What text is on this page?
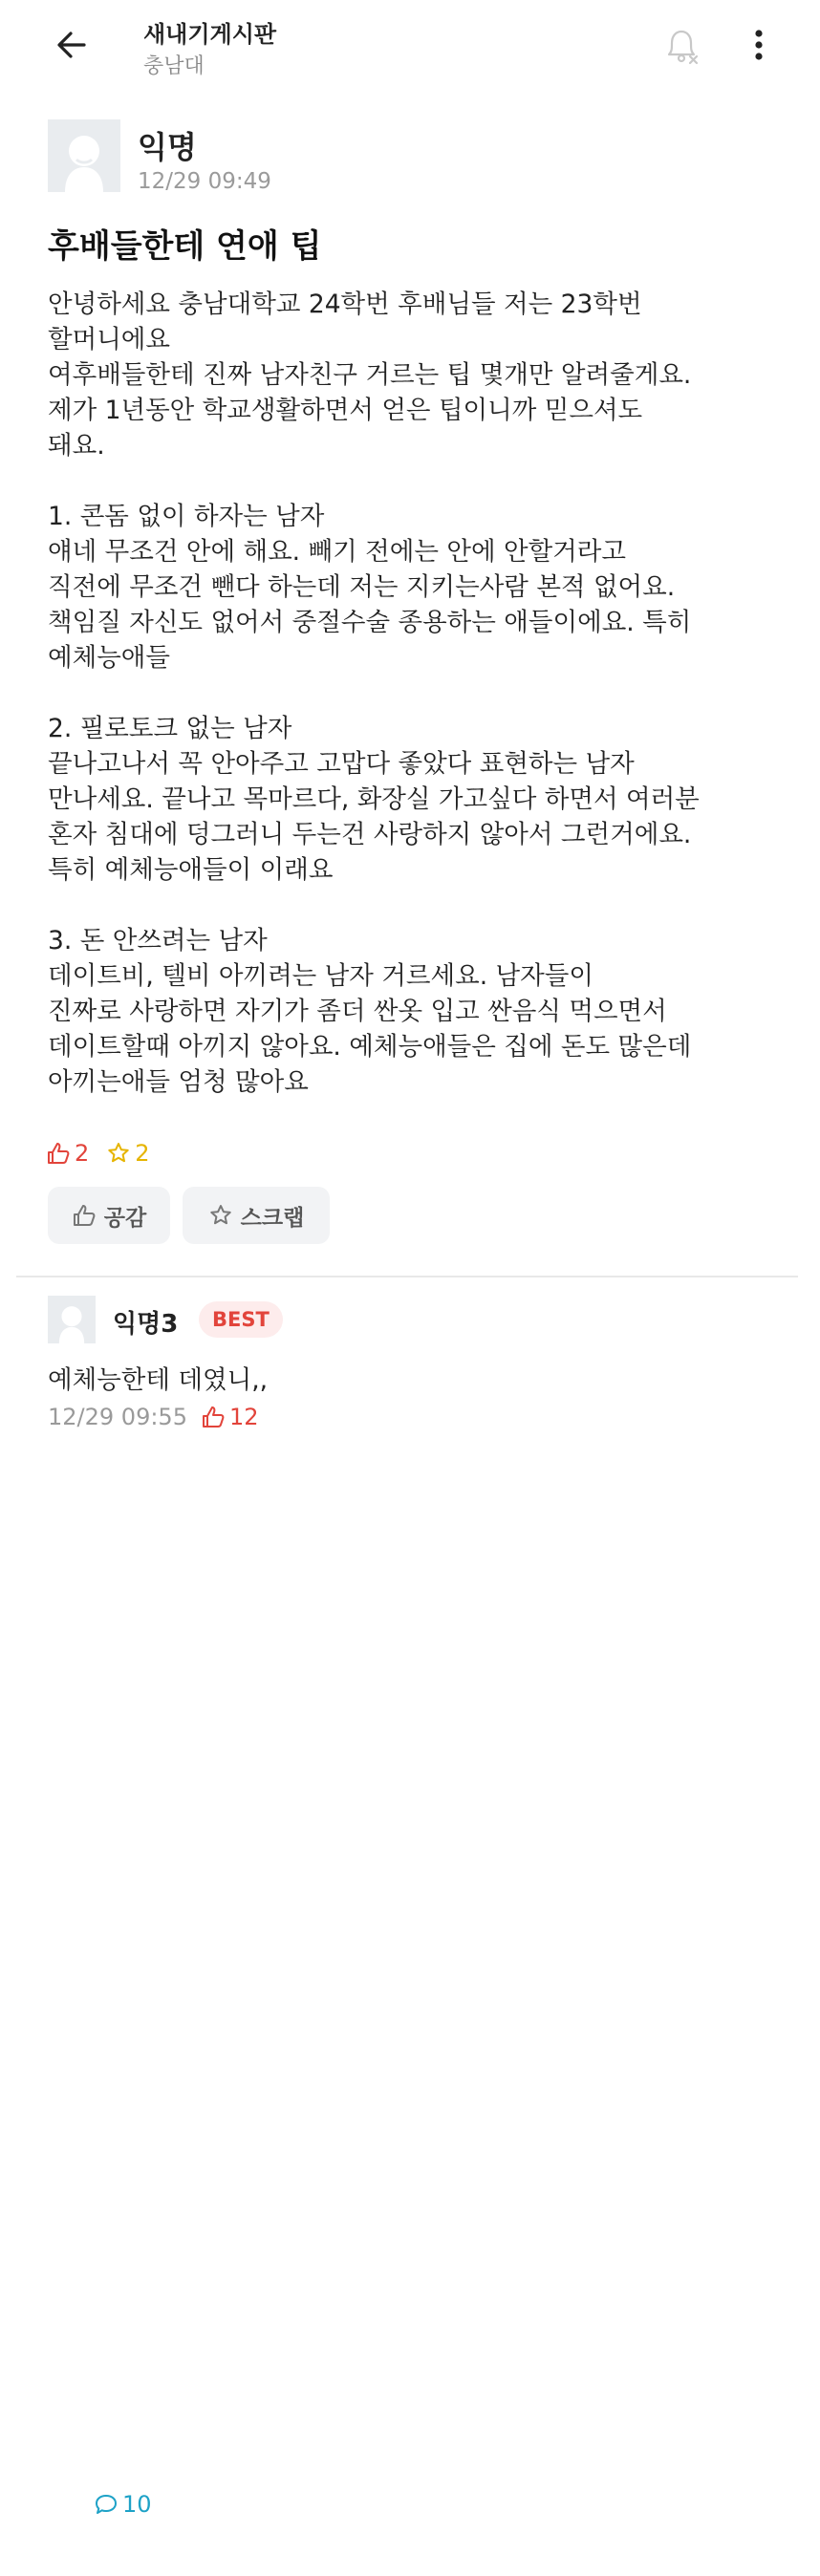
새내기게시판
충남대
익명
12/29 09:49
후배들한테 연애 팁
안녕하세요 충남대학교 24학번 후배님들 저는 23학번
할머니에요
여후배들한테 진짜 남자친구 거르는 팁 몇개만 알려줄게요.
제가 1년동안 학교생활하면서 얻은 팁이니까 믿으셔도
돼요.
1. 콘돔 없이 하자는 남자
얘네 무조건 안에 해요. 빼기 전에는 안에 안할거라고
직전에 무조건 뺀다 하는데 저는 지키는사람 본적 없어요.
책임질 자신도 없어서 중절수술 종용하는 애들이에요. 특히
예체능애들
2. 필로토크 없는 남자
끝나고나서 꼭 안아주고 고맙다 좋았다 표현하는 남자
만나세요. 끝나고 목마르다, 화장실 가고싶다 하면서 여러분
혼자 침대에 덩그러니 두는건 사랑하지 않아서 그런거에요.
특히 예체능애들이 이래요
3. 돈 안쓰려는 남자
데이트비, 텔비 아끼려는 남자 거르세요. 남자들이
진짜로 사랑하면 자기가 좀더 싼옷 입고 싼음식 먹으면서
데이트할때 아끼지 않아요. 예체능애들은 집에 돈도 많은데
아끼는애들 엄청 많아요
2
10
2
공감	스크랩
익명3	BEST
예체능한테 데였니,,
12/29 09:55 12
